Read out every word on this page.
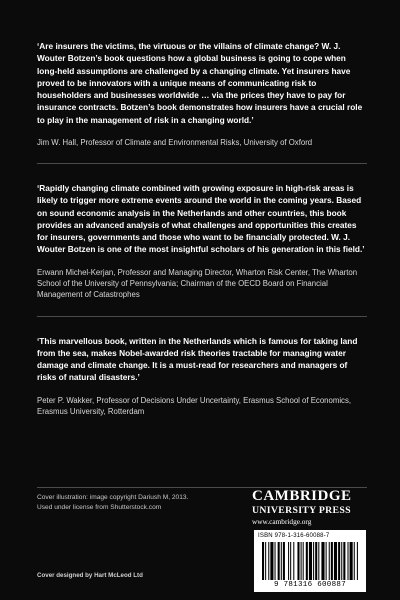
‘Are insurers the victims, the virtuous or the villains of climate change? W. J. Wouter Botzen’s book questions how a global business is going to cope when long-held assumptions are challenged by a changing climate. Yet insurers have proved to be innovators with a unique means of communicating risk to householders and businesses worldwide … via the prices they have to pay for insurance contracts. Botzen’s book demonstrates how insurers have a crucial role to play in the management of risk in a changing world.’

Jim W. Hall, Professor of Climate and Environmental Risks, University of Oxford

‘Rapidly changing climate combined with growing exposure in high-risk areas is likely to trigger more extreme events around the world in the coming years. Based on sound economic analysis in the Netherlands and other countries, this book provides an advanced analysis of what challenges and opportunities this creates for insurers, governments and those who want to be financially protected. W. J. Wouter Botzen is one of the most insightful scholars of his generation in this field.’

Erwann Michel-Kerjan, Professor and Managing Director, Wharton Risk Center, The Wharton School of the University of Pennsylvania; Chairman of the OECD Board on Financial Management of Catastrophes

‘This marvellous book, written in the Netherlands which is famous for taking land from the sea, makes Nobel-awarded risk theories tractable for managing water damage and climate change. It is a must-read for researchers and managers of risks of natural disasters.’

Peter P. Wakker, Professor of Decisions Under Uncertainty, Erasmus School of Economics, Erasmus University, Rotterdam

Cover illustration: image copyright Dariush M, 2013.
Used under license from Shutterstock.com
Cover designed by Hart McLeod Ltd
CAMBRIDGE
UNIVERSITY PRESS
www.cambridge.org
ISBN 978-1-316-60088-7
9 781316 600887
